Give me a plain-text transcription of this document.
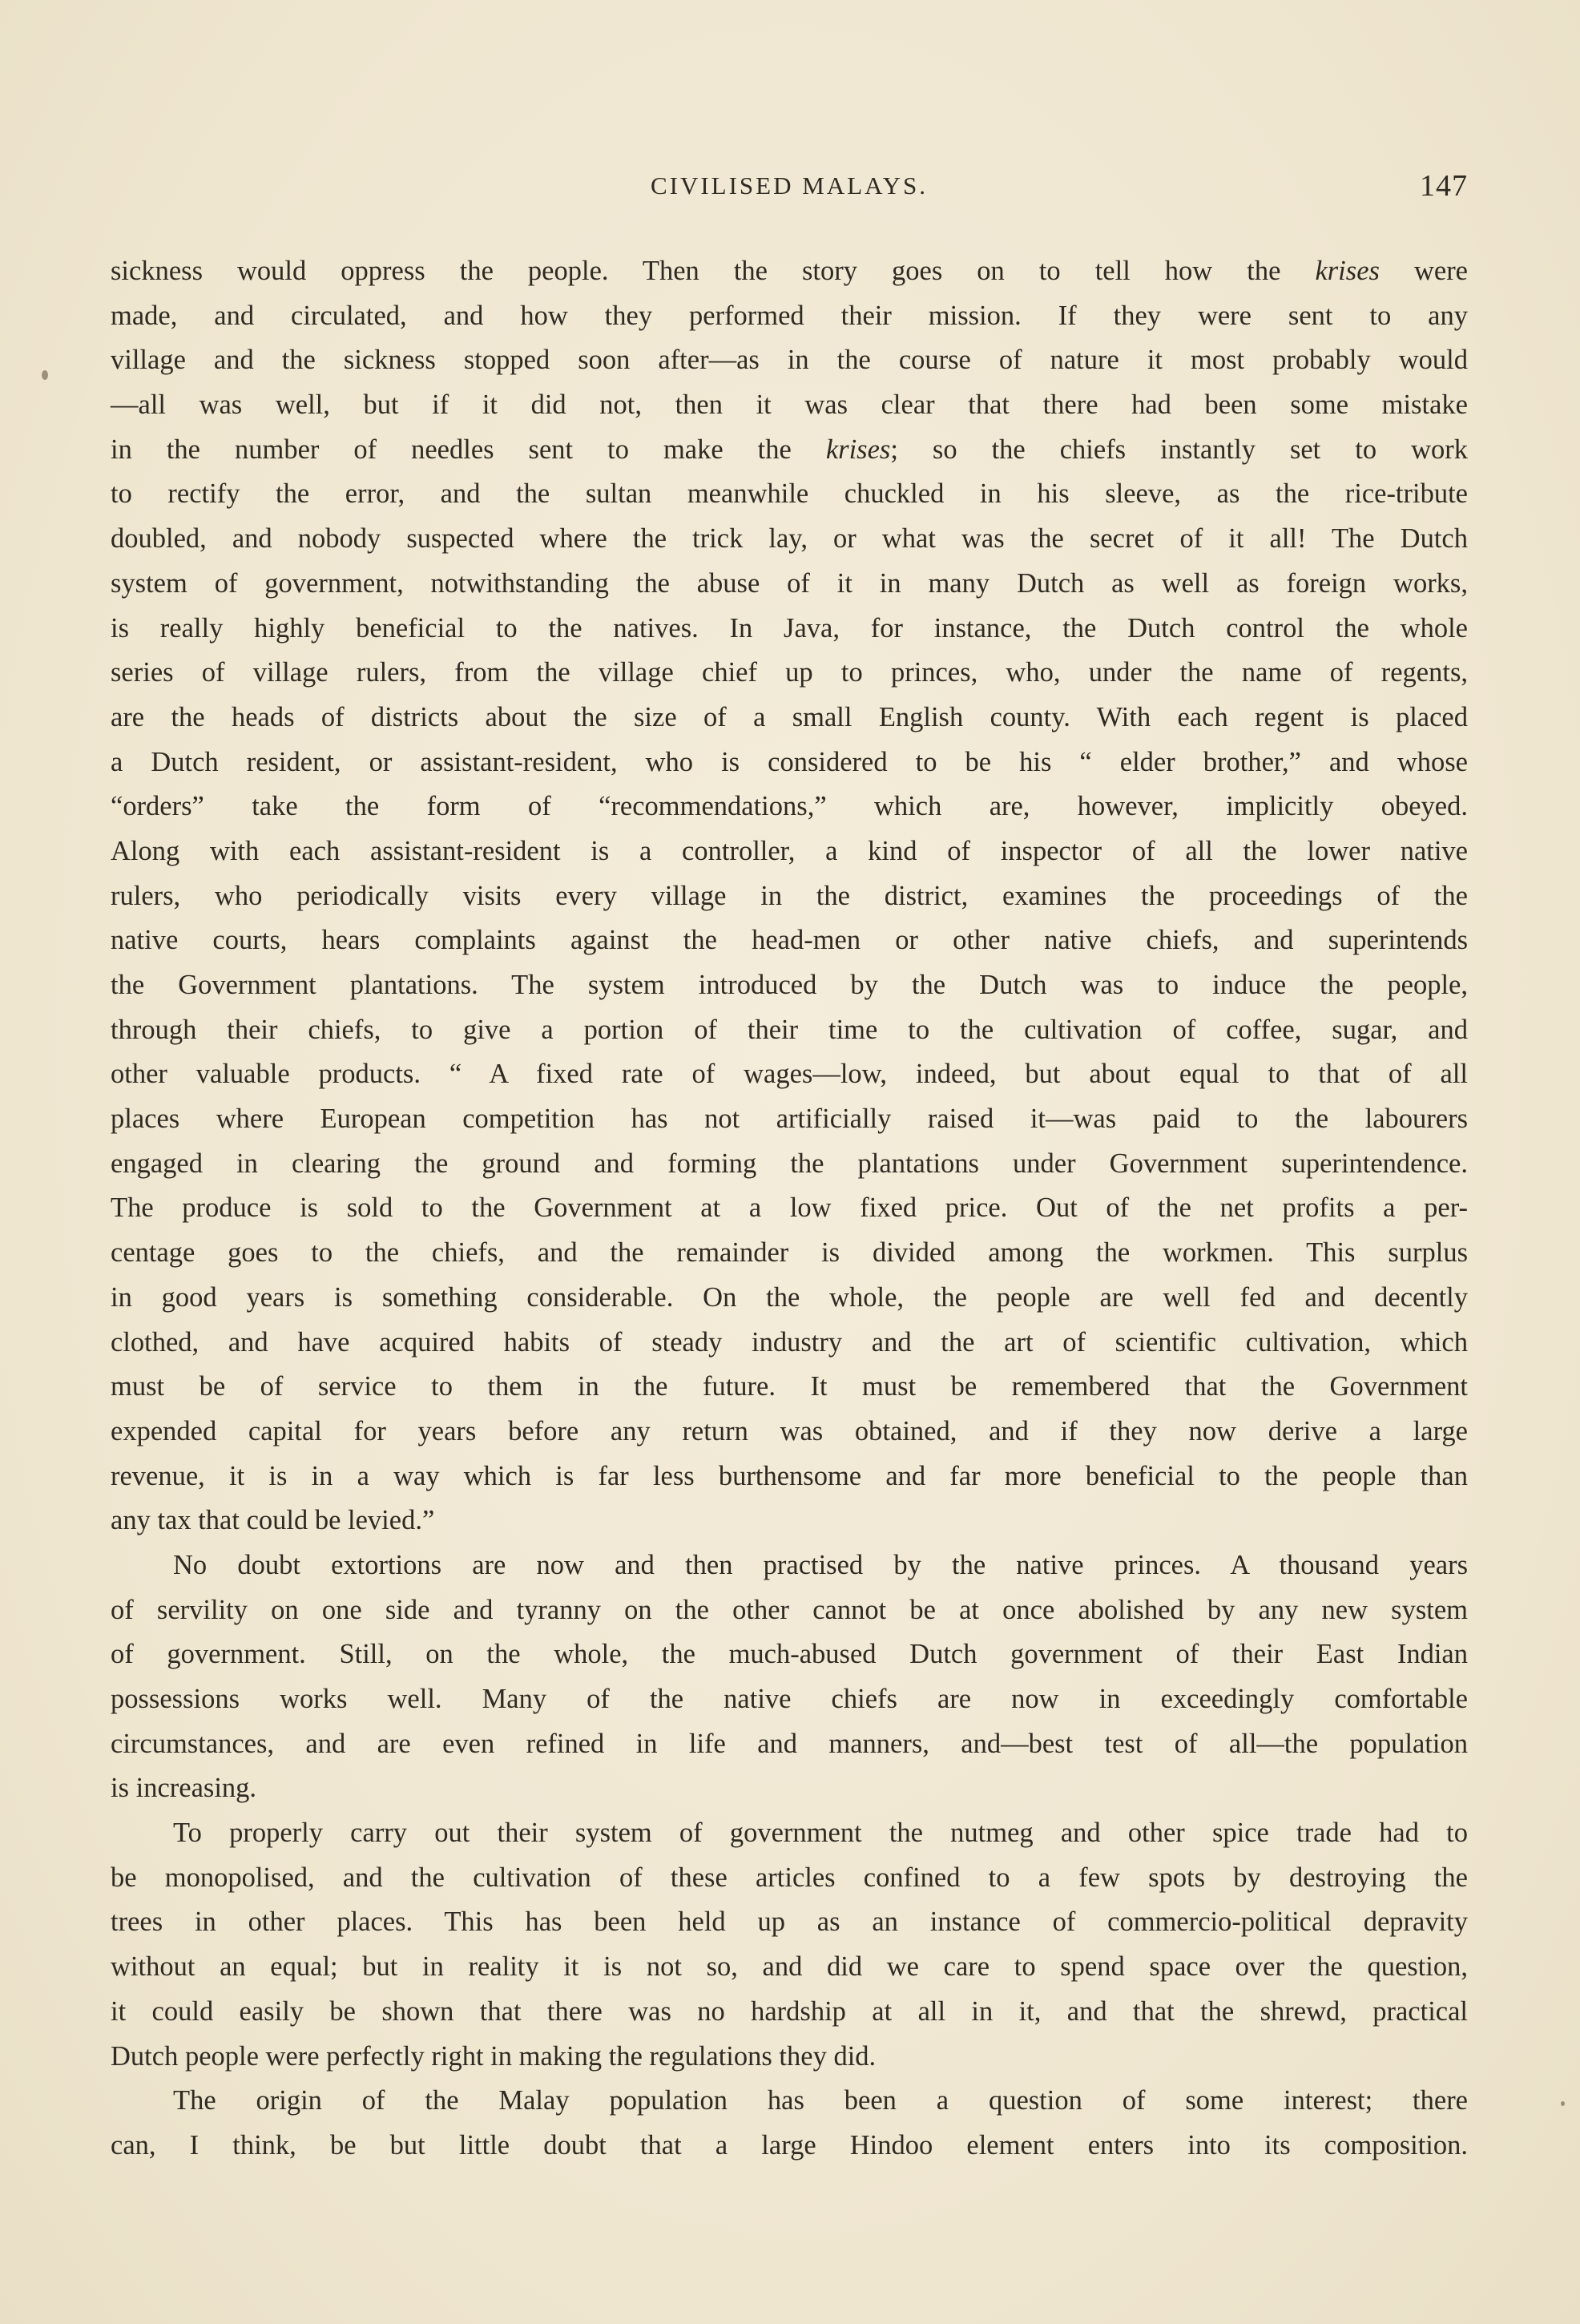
CIVILISED MALAYS.	147
sickness would oppress the people. Then the story goes on to tell how the krises were
made, and circulated, and how they performed their mission. If they were sent to any
village and the sickness stopped soon after—as in the course of nature it most probably would
—all was well, but if it did not, then it was clear that there had been some mistake
in the number of needles sent to make the krises; so the chiefs instantly set to work
to rectify the error, and the sultan meanwhile chuckled in his sleeve, as the rice-tribute
doubled, and nobody suspected where the trick lay, or what was the secret of it all! The Dutch
system of government, notwithstanding the abuse of it in many Dutch as well as foreign works,
is really highly beneficial to the natives. In Java, for instance, the Dutch control the whole
series of village rulers, from the village chief up to princes, who, under the name of regents,
are the heads of districts about the size of a small English county. With each regent is placed
a Dutch resident, or assistant-resident, who is considered to be his “ elder brother,” and whose
“orders” take the form of “recommendations,” which are, however, implicitly obeyed.
Along with each assistant-resident is a controller, a kind of inspector of all the lower native
rulers, who periodically visits every village in the district, examines the proceedings of the
native courts, hears complaints against the head-men or other native chiefs, and superintends
the Government plantations. The system introduced by the Dutch was to induce the people,
through their chiefs, to give a portion of their time to the cultivation of coffee, sugar, and
other valuable products. “ A fixed rate of wages—low, indeed, but about equal to that of all
places where European competition has not artificially raised it—was paid to the labourers
engaged in clearing the ground and forming the plantations under Government superintendence.
The produce is sold to the Government at a low fixed price. Out of the net profits a per-
centage goes to the chiefs, and the remainder is divided among the workmen. This surplus
in good years is something considerable. On the whole, the people are well fed and decently
clothed, and have acquired habits of steady industry and the art of scientific cultivation, which
must be of service to them in the future. It must be remembered that the Government
expended capital for years before any return was obtained, and if they now derive a large
revenue, it is in a way which is far less burthensome and far more beneficial to the people than
any tax that could be levied.”
No doubt extortions are now and then practised by the native princes. A thousand years
of servility on one side and tyranny on the other cannot be at once abolished by any new system
of government. Still, on the whole, the much-abused Dutch government of their East Indian
possessions works well. Many of the native chiefs are now in exceedingly comfortable
circumstances, and are even refined in life and manners, and—best test of all—the population
is increasing.
To properly carry out their system of government the nutmeg and other spice trade had to
be monopolised, and the cultivation of these articles confined to a few spots by destroying the
trees in other places. This has been held up as an instance of commercio-political depravity
without an equal; but in reality it is not so, and did we care to spend space over the question,
it could easily be shown that there was no hardship at all in it, and that the shrewd, practical
Dutch people were perfectly right in making the regulations they did.
The origin of the Malay population has been a question of some interest; there
can, I think, be but little doubt that a large Hindoo element enters into its composition.
